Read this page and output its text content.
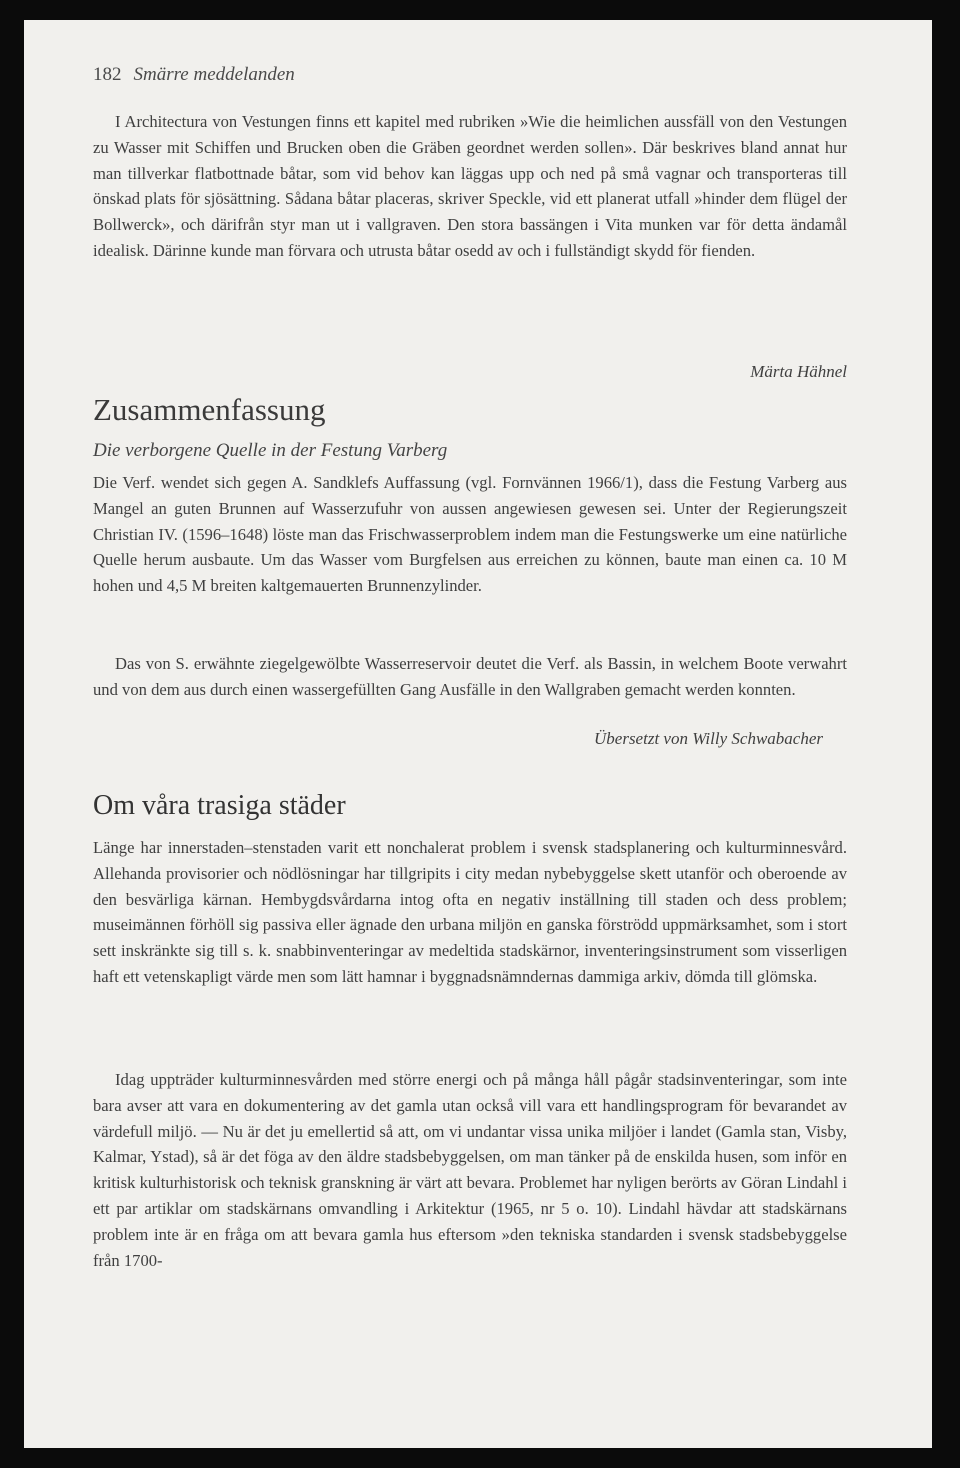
182 Smärre meddelanden

I Architectura von Vestungen finns ett kapitel med rubriken »Wie die heimlichen aussfäll von den Vestungen zu Wasser mit Schiffen und Brucken oben die Gräben geordnet werden sollen». Där beskrives bland annat hur man tillverkar flatbottnade båtar, som vid behov kan läggas upp och ned på små vagnar och transporteras till önskad plats för sjösättning. Sådana båtar placeras, skriver Speckle, vid ett planerat utfall »hinder dem flügel der Bollwerck», och därifrån styr man ut i vallgraven. Den stora bassängen i Vita munken var för detta ändamål idealisk. Därinne kunde man förvara och utrusta båtar osedd av och i fullständigt skydd för fienden.

Märta Hähnel
Zusammenfassung
Die verborgene Quelle in der Festung Varberg

Die Verf. wendet sich gegen A. Sandklefs Auffassung (vgl. Fornvännen 1966/1), dass die Festung Varberg aus Mangel an guten Brunnen auf Wasserzufuhr von aussen angewiesen gewesen sei. Unter der Regierungszeit Christian IV. (1596–1648) löste man das Frischwasserproblem indem man die Festungswerke um eine natürliche Quelle herum ausbaute. Um das Wasser vom Burgfelsen aus erreichen zu können, baute man einen ca. 10 M hohen und 4,5 M breiten kaltgemauerten Brunnenzylinder.

Das von S. erwähnte ziegelgewölbte Wasserreservoir deutet die Verf. als Bassin, in welchem Boote verwahrt und von dem aus durch einen wassergefüllten Gang Ausfälle in den Wallgraben gemacht werden konnten.

Übersetzt von Willy Schwabacher
Om våra trasiga städer

Länge har innerstaden–stenstaden varit ett nonchalerat problem i svensk stadsplanering och kulturminnesvård. Allehanda provisorier och nödlösningar har tillgripits i city medan nybebyggelse skett utanför och oberoende av den besvärliga kärnan. Hembygdsvårdarna intog ofta en negativ inställning till staden och dess problem; museimännen förhöll sig passiva eller ägnade den urbana miljön en ganska förströdd uppmärksamhet, som i stort sett inskränkte sig till s. k. snabbinventeringar av medeltida stadskärnor, inventeringsinstrument som visserligen haft ett vetenskapligt värde men som lätt hamnar i byggnadsnämndernas dammiga arkiv, dömda till glömska.

Idag uppträder kulturminnesvården med större energi och på många håll pågår stadsinventeringar, som inte bara avser att vara en dokumentering av det gamla utan också vill vara ett handlingsprogram för bevarandet av värdefull miljö. — Nu är det ju emellertid så att, om vi undantar vissa unika miljöer i landet (Gamla stan, Visby, Kalmar, Ystad), så är det föga av den äldre stadsbebyggelsen, om man tänker på de enskilda husen, som inför en kritisk kulturhistorisk och teknisk granskning är värt att bevara. Problemet har nyligen berörts av Göran Lindahl i ett par artiklar om stadskärnans omvandling i Arkitektur (1965, nr 5 o. 10). Lindahl hävdar att stadskärnans problem inte är en fråga om att bevara gamla hus eftersom »den tekniska standarden i svensk stadsbebyggelse från 1700-
